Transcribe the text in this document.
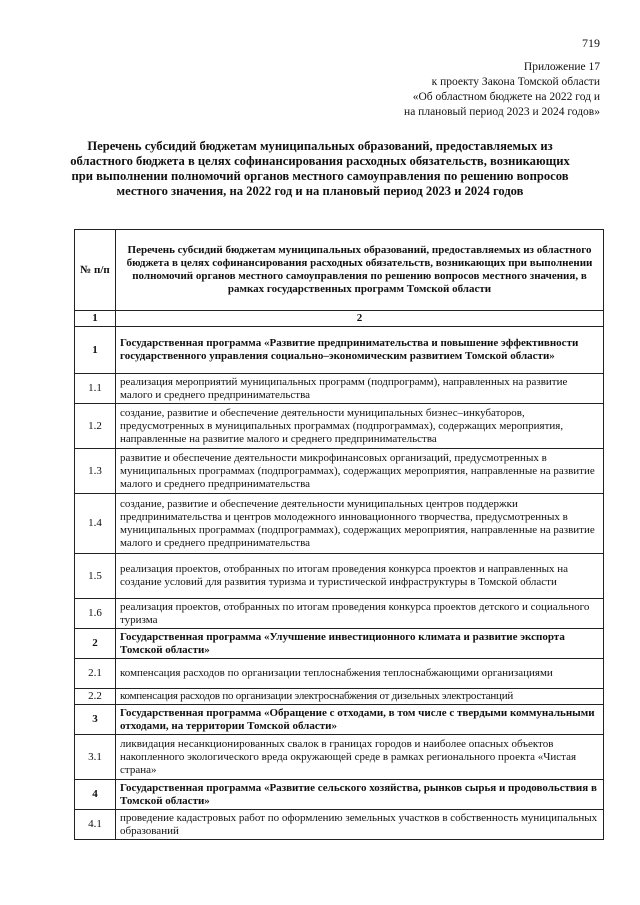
719
Приложение 17
к проекту Закона Томской области
«Об областном бюджете на 2022 год и
на плановый период 2023 и 2024 годов»
Перечень субсидий бюджетам муниципальных образований, предоставляемых из областного бюджета в целях софинансирования расходных обязательств, возникающих при выполнении полномочий органов местного самоуправления по решению вопросов местного значения, на 2022 год и на плановый период 2023 и 2024 годов
№ п/п	Перечень субсидий бюджетам муниципальных образований, предоставляемых из областного бюджета в целях софинансирования расходных обязательств, возникающих при выполнении полномочий органов местного самоуправления по решению вопросов местного значения, в рамках государственных программ Томской области
1	2
1	Государственная программа «Развитие предпринимательства и повышение эффективности государственного управления социально–экономическим развитием Томской области»
1.1	реализация мероприятий муниципальных программ (подпрограмм), направленных на развитие малого и среднего предпринимательства
1.2	создание, развитие и обеспечение деятельности муниципальных бизнес–инкубаторов, предусмотренных в муниципальных программах (подпрограммах), содержащих мероприятия, направленные на развитие малого и среднего предпринимательства
1.3	развитие и обеспечение деятельности микрофинансовых организаций, предусмотренных в муниципальных программах (подпрограммах), содержащих мероприятия, направленные на развитие малого и среднего предпринимательства
1.4	создание, развитие и обеспечение деятельности муниципальных центров поддержки предпринимательства и центров молодежного инновационного творчества, предусмотренных в муниципальных программах (подпрограммах), содержащих мероприятия, направленные на развитие малого и среднего предпринимательства
1.5	реализация проектов, отобранных по итогам проведения конкурса проектов и направленных на создание условий для развития туризма и туристической инфраструктуры в Томской области
1.6	реализация проектов, отобранных по итогам проведения конкурса проектов детского и социального туризма
2	Государственная программа «Улучшение инвестиционного климата и развитие экспорта Томской области»
2.1	компенсация расходов по организации теплоснабжения теплоснабжающими организациями
2.2	компенсация расходов по организации электроснабжения от дизельных электростанций
3	Государственная программа «Обращение с отходами, в том числе с твердыми коммунальными отходами, на территории Томской области»
3.1	ликвидация несанкционированных свалок в границах городов и наиболее опасных объектов накопленного экологического вреда окружающей среде в рамках регионального проекта «Чистая страна»
4	Государственная программа «Развитие сельского хозяйства, рынков сырья и продовольствия в Томской области»
4.1	проведение кадастровых работ по оформлению земельных участков в собственность муниципальных образований
